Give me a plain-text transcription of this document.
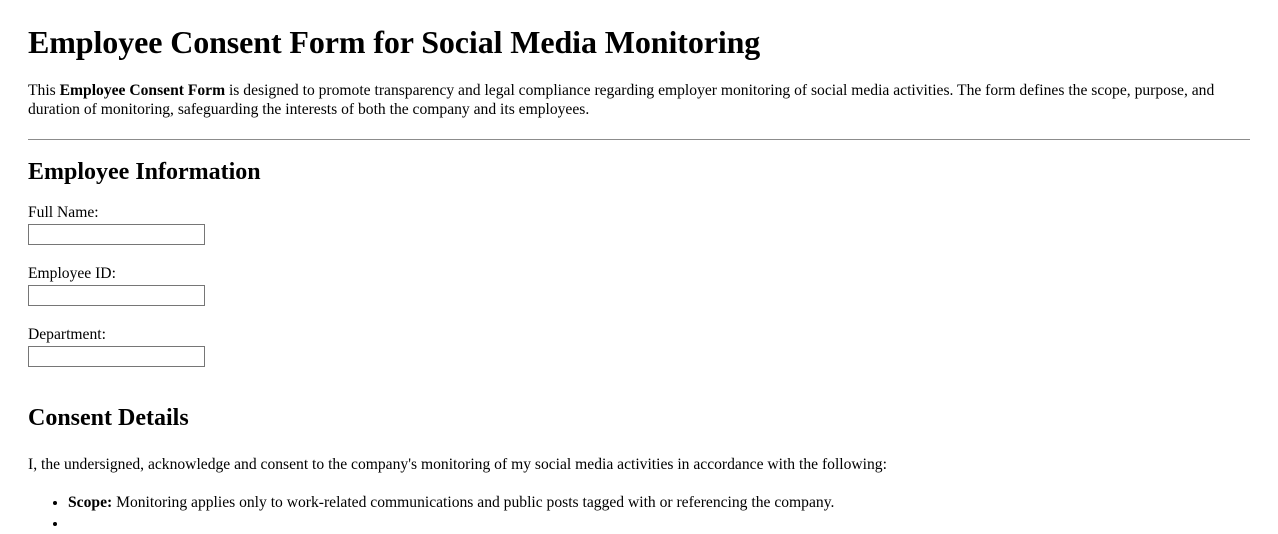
Employee Consent Form for Social Media Monitoring

This Employee Consent Form is designed to promote transparency and legal compliance regarding employer monitoring of social media activities. The form defines the scope, purpose, and duration of monitoring, safeguarding the interests of both the company and its employees.

Employee Information
Full Name:
Employee ID:
Department:
Consent Details

I, the undersigned, acknowledge and consent to the company's monitoring of my social media activities in accordance with the following:

• Scope: Monitoring applies only to work-related communications and public posts tagged with or referencing the company.
•
